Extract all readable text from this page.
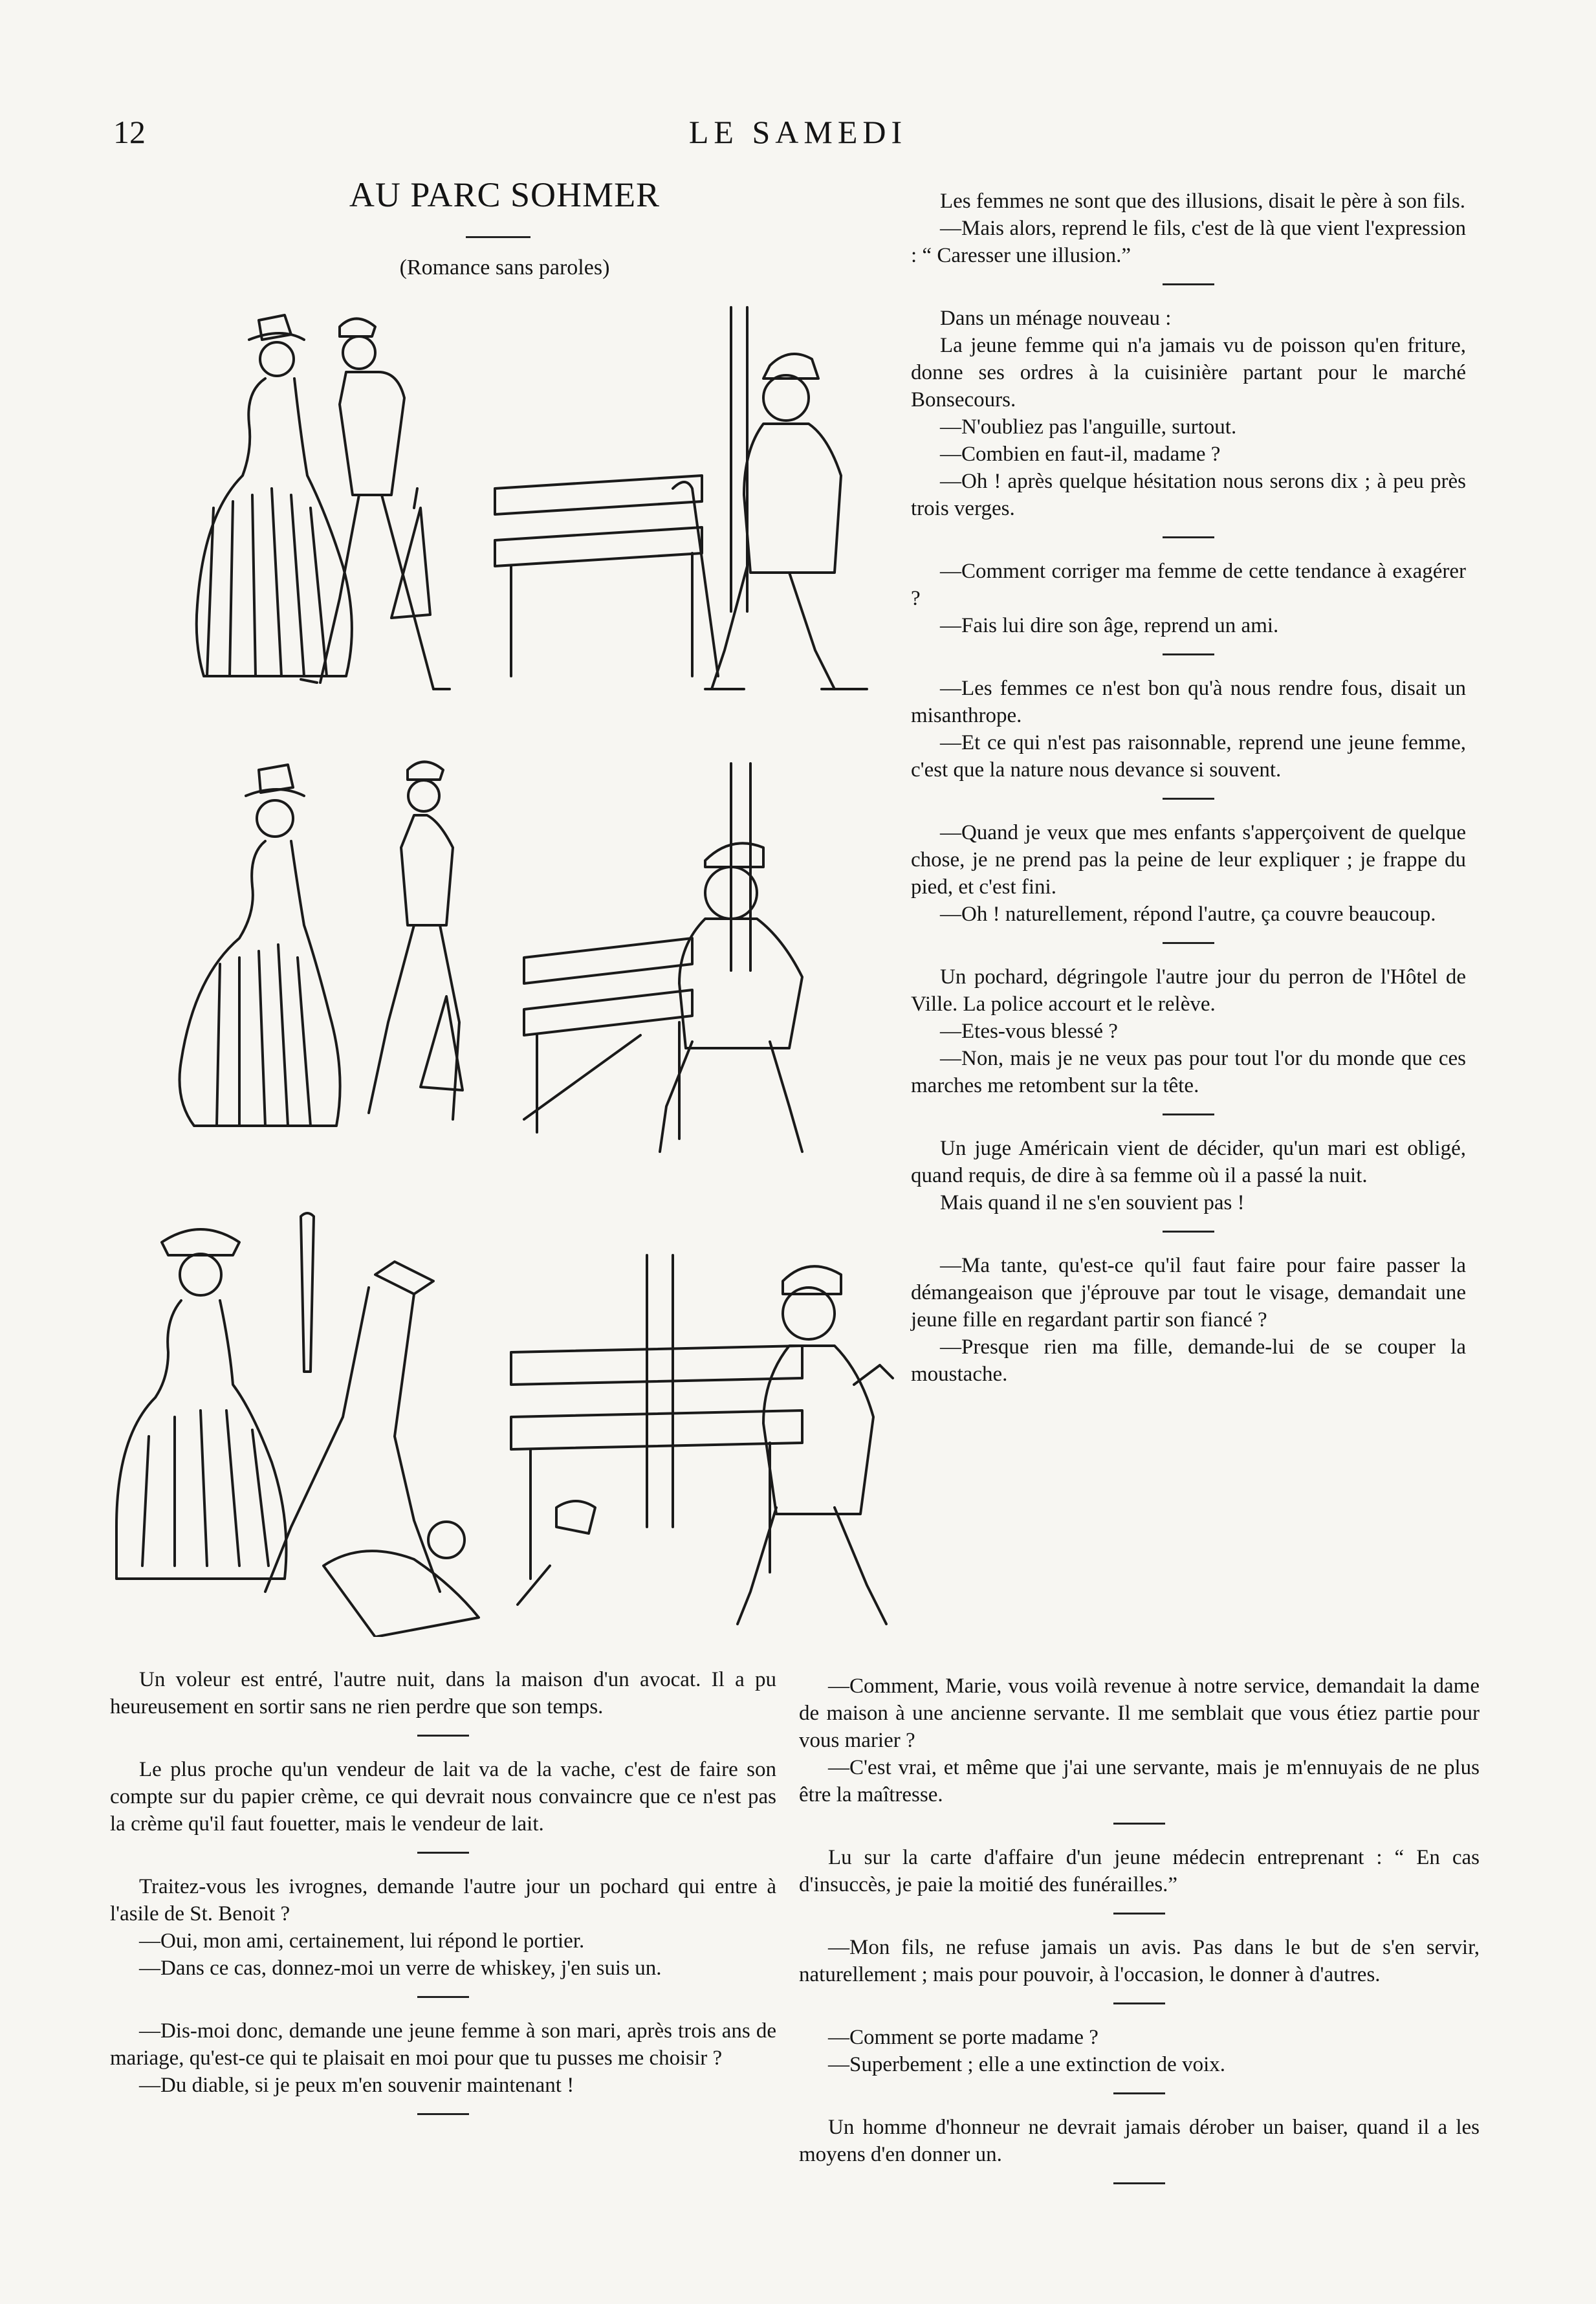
12	LE SAMEDI
AU PARC SOHMER
(Romance sans paroles)

Les femmes ne sont que des illusions, disait le père à son fils.

—Mais alors, reprend le fils, c'est de là que vient l'expression : “ Caresser une illusion.”

Dans un ménage nouveau :

La jeune femme qui n'a jamais vu de poisson qu'en friture, donne ses ordres à la cuisinière partant pour le marché Bonsecours.

—N'oubliez pas l'anguille, surtout.

—Combien en faut-il, madame ?

—Oh ! après quelque hésitation nous serons dix ; à peu près trois verges.

—Comment corriger ma femme de cette tendance à exagérer ?

—Fais lui dire son âge, reprend un ami.

—Les femmes ce n'est bon qu'à nous rendre fous, disait un misanthrope.

—Et ce qui n'est pas raisonnable, reprend une jeune femme, c'est que la nature nous devance si souvent.

—Quand je veux que mes enfants s'apperçoivent de quelque chose, je ne prend pas la peine de leur expliquer ; je frappe du pied, et c'est fini.

—Oh ! naturellement, répond l'autre, ça couvre beaucoup.

Un pochard, dégringole l'autre jour du perron de l'Hôtel de Ville. La police accourt et le relève.

—Etes-vous blessé ?

—Non, mais je ne veux pas pour tout l'or du monde que ces marches me retombent sur la tête.

Un juge Américain vient de décider, qu'un mari est obligé, quand requis, de dire à sa femme où il a passé la nuit.

Mais quand il ne s'en souvient pas !

—Ma tante, qu'est-ce qu'il faut faire pour faire passer la démangeaison que j'éprouve par tout le visage, demandait une jeune fille en regardant partir son fiancé ?

—Presque rien ma fille, demande-lui de se couper la moustache.

Un voleur est entré, l'autre nuit, dans la maison d'un avocat. Il a pu heureusement en sortir sans ne rien perdre que son temps.

Le plus proche qu'un vendeur de lait va de la vache, c'est de faire son compte sur du papier crème, ce qui devrait nous convaincre que ce n'est pas la crème qu'il faut fouetter, mais le vendeur de lait.

Traitez-vous les ivrognes, demande l'autre jour un pochard qui entre à l'asile de St. Benoit ?

—Oui, mon ami, certainement, lui répond le portier.

—Dans ce cas, donnez-moi un verre de whiskey, j'en suis un.

—Dis-moi donc, demande une jeune femme à son mari, après trois ans de mariage, qu'est-ce qui te plaisait en moi pour que tu pusses me choisir ?

—Du diable, si je peux m'en souvenir maintenant !

—Comment, Marie, vous voilà revenue à notre service, demandait la dame de maison à une ancienne servante. Il me semblait que vous étiez partie pour vous marier ?

—C'est vrai, et même que j'ai une servante, mais je m'ennuyais de ne plus être la maîtresse.

Lu sur la carte d'affaire d'un jeune médecin entreprenant : “ En cas d'insuccès, je paie la moitié des funérailles.”

—Mon fils, ne refuse jamais un avis. Pas dans le but de s'en servir, naturellement ; mais pour pouvoir, à l'occasion, le donner à d'autres.

—Comment se porte madame ?

—Superbement ; elle a une extinction de voix.

Un homme d'honneur ne devrait jamais dérober un baiser, quand il a les moyens d'en donner un.
